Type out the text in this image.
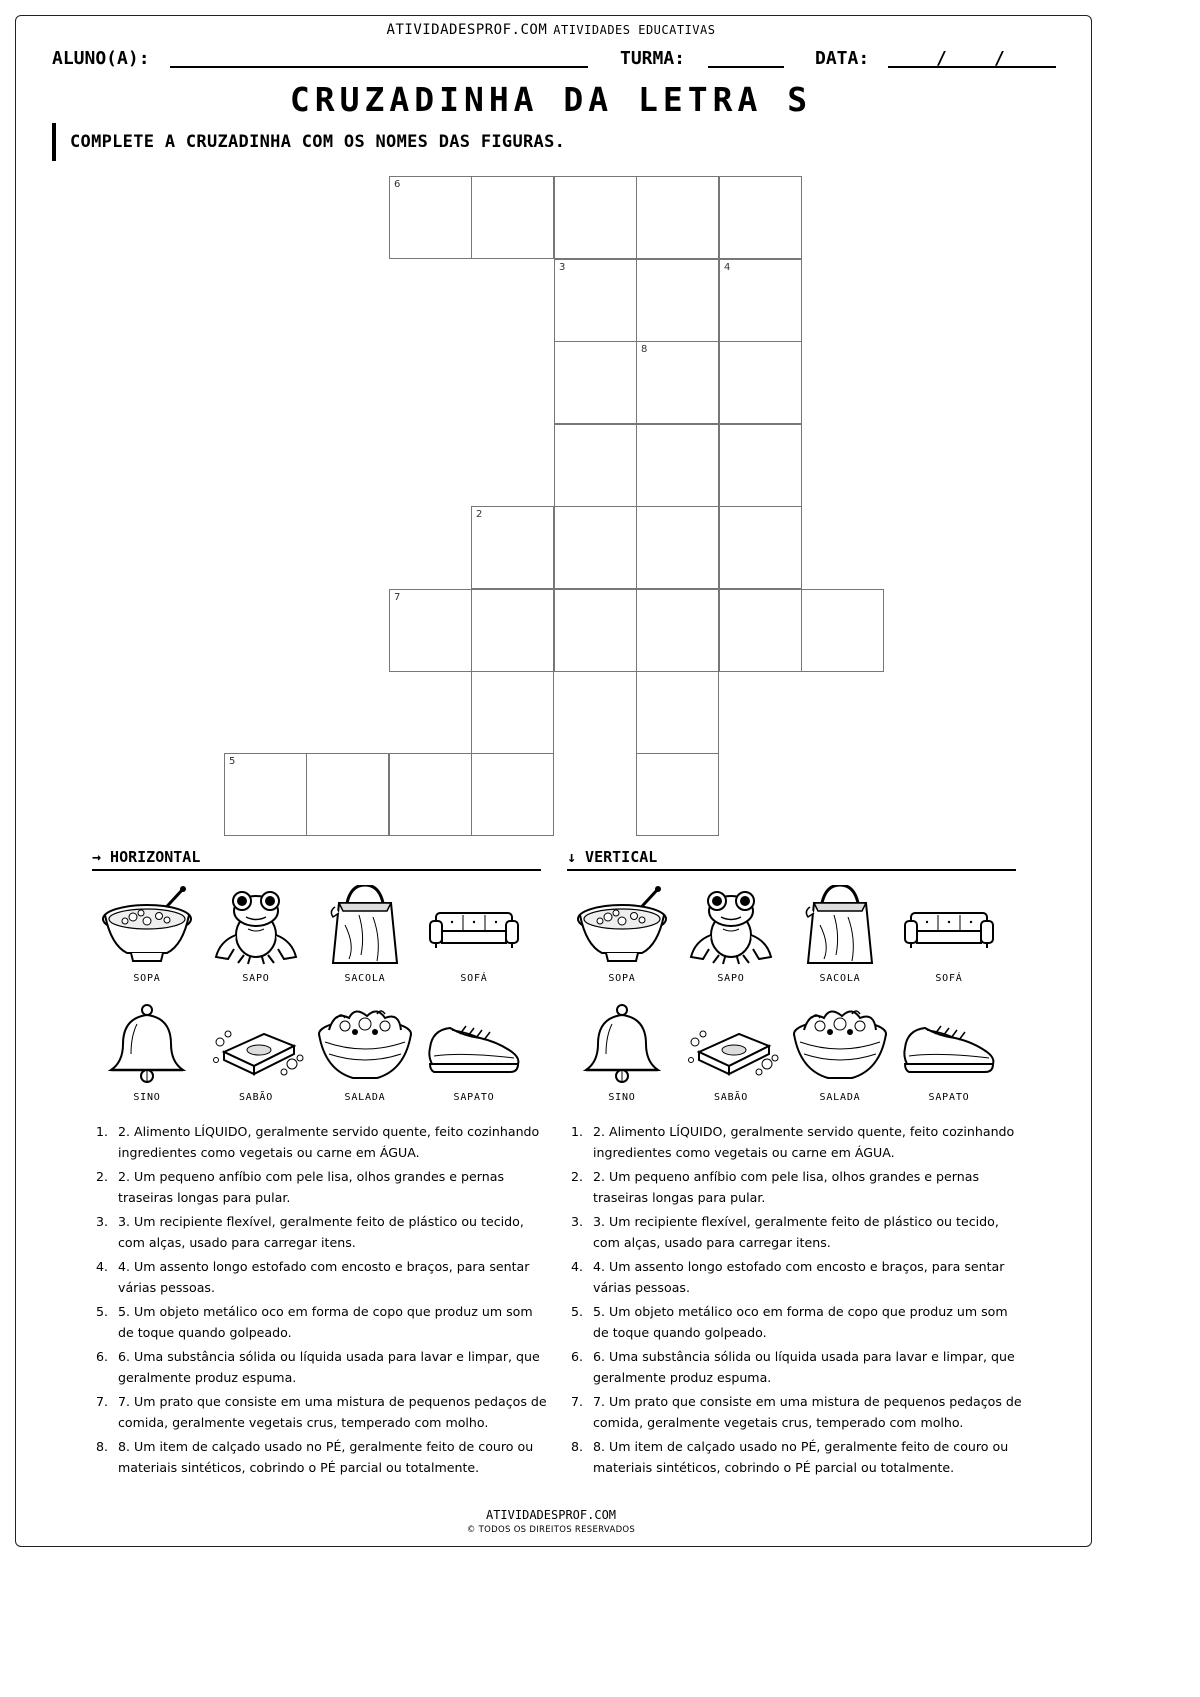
ATIVIDADESPROF.COM ATIVIDADES EDUCATIVAS
ALUNO(A):	TURMA:	DATA:	/	/
CRUZADINHA DA LETRA S
COMPLETE A CRUZADINHA COM OS NOMES DAS FIGURAS.
6
3	4
8
2
7
5
→ HORIZONTAL	↓ VERTICAL
SOPA	SAPO	SACOLA	SOFÁ
SINO	SABÃO	SALADA	SAPATO
SOPA	SAPO	SACOLA	SOFÁ
SINO	SABÃO	SALADA	SAPATO
1. 2. Alimento LÍQUIDO, geralmente servido quente, feito cozinhando ingredientes como vegetais ou carne em ÁGUA.
2. 2. Um pequeno anfíbio com pele lisa, olhos grandes e pernas traseiras longas para pular.
3. 3. Um recipiente flexível, geralmente feito de plástico ou tecido, com alças, usado para carregar itens.
4. 4. Um assento longo estofado com encosto e braços, para sentar várias pessoas.
5. 5. Um objeto metálico oco em forma de copo que produz um som de toque quando golpeado.
6. 6. Uma substância sólida ou líquida usada para lavar e limpar, que geralmente produz espuma.
7. 7. Um prato que consiste em uma mistura de pequenos pedaços de comida, geralmente vegetais crus, temperado com molho.
8. 8. Um item de calçado usado no PÉ, geralmente feito de couro ou materiais sintéticos, cobrindo o PÉ parcial ou totalmente.
1. 2. Alimento LÍQUIDO, geralmente servido quente, feito cozinhando ingredientes como vegetais ou carne em ÁGUA.
2. 2. Um pequeno anfíbio com pele lisa, olhos grandes e pernas traseiras longas para pular.
3. 3. Um recipiente flexível, geralmente feito de plástico ou tecido, com alças, usado para carregar itens.
4. 4. Um assento longo estofado com encosto e braços, para sentar várias pessoas.
5. 5. Um objeto metálico oco em forma de copo que produz um som de toque quando golpeado.
6. 6. Uma substância sólida ou líquida usada para lavar e limpar, que geralmente produz espuma.
7. 7. Um prato que consiste em uma mistura de pequenos pedaços de comida, geralmente vegetais crus, temperado com molho.
8. 8. Um item de calçado usado no PÉ, geralmente feito de couro ou materiais sintéticos, cobrindo o PÉ parcial ou totalmente.
ATIVIDADESPROF.COM
© TODOS OS DIREITOS RESERVADOS
